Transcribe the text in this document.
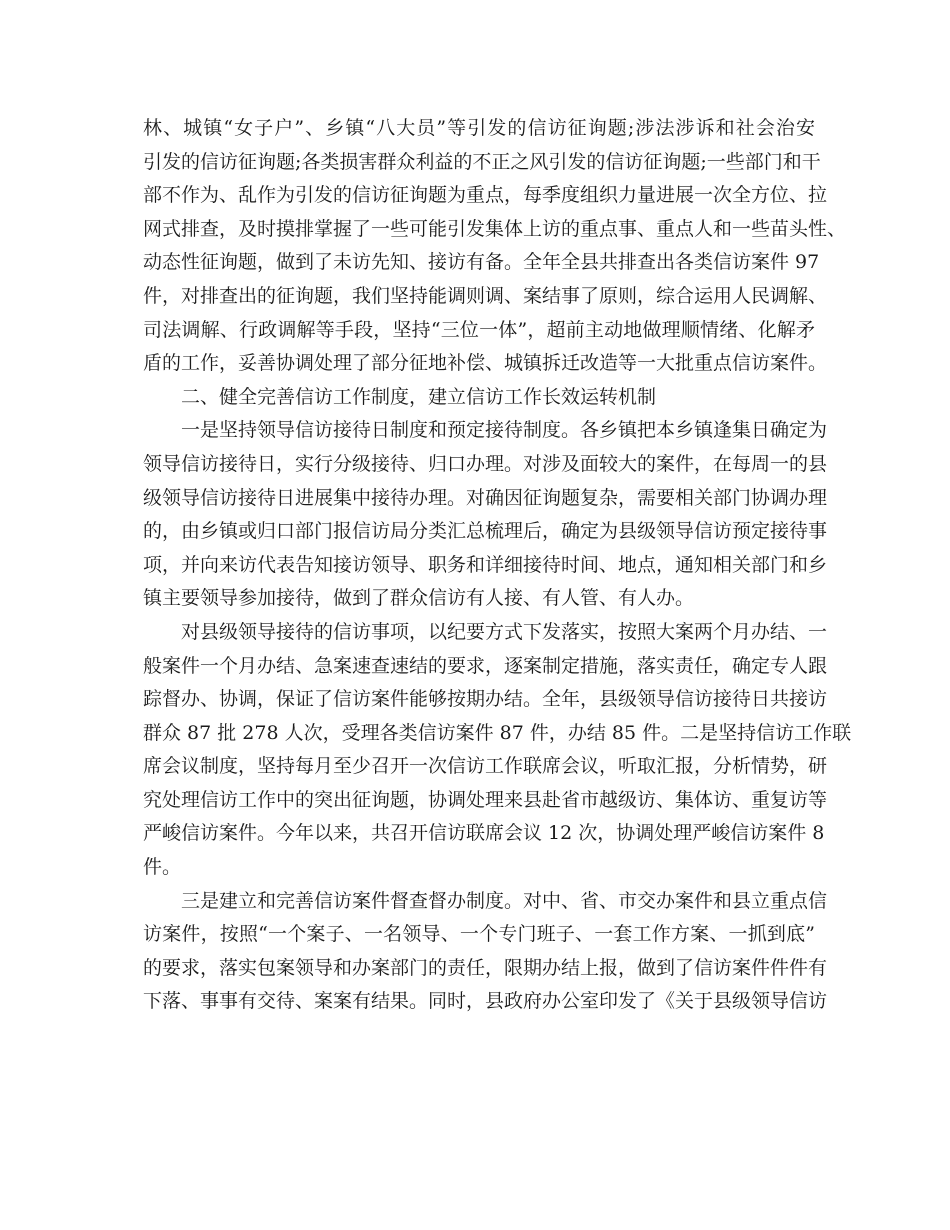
林、城镇“女子户”、乡镇“八大员”等引发的信访征询题;涉法涉诉和社会治安
引发的信访征询题;各类损害群众利益的不正之风引发的信访征询题;一些部门和干
部不作为、乱作为引发的信访征询题为重点，每季度组织力量进展一次全方位、拉
网式排查，及时摸排掌握了一些可能引发集体上访的重点事、重点人和一些苗头性、
动态性征询题，做到了未访先知、接访有备。全年全县共排查出各类信访案件 97
件，对排查出的征询题，我们坚持能调则调、案结事了原则，综合运用人民调解、
司法调解、行政调解等手段，坚持“三位一体”，超前主动地做理顺情绪、化解矛
盾的工作，妥善协调处理了部分征地补偿、城镇拆迁改造等一大批重点信访案件。
二、健全完善信访工作制度，建立信访工作长效运转机制
一是坚持领导信访接待日制度和预定接待制度。各乡镇把本乡镇逢集日确定为
领导信访接待日，实行分级接待、归口办理。对涉及面较大的案件，在每周一的县
级领导信访接待日进展集中接待办理。对确因征询题复杂，需要相关部门协调办理
的，由乡镇或归口部门报信访局分类汇总梳理后，确定为县级领导信访预定接待事
项，并向来访代表告知接访领导、职务和详细接待时间、地点，通知相关部门和乡
镇主要领导参加接待，做到了群众信访有人接、有人管、有人办。
对县级领导接待的信访事项，以纪要方式下发落实，按照大案两个月办结、一
般案件一个月办结、急案速查速结的要求，逐案制定措施，落实责任，确定专人跟
踪督办、协调，保证了信访案件能够按期办结。全年，县级领导信访接待日共接访
群众 87 批 278 人次，受理各类信访案件 87 件，办结 85 件。二是坚持信访工作联
席会议制度，坚持每月至少召开一次信访工作联席会议，听取汇报，分析情势，研
究处理信访工作中的突出征询题，协调处理来县赴省市越级访、集体访、重复访等
严峻信访案件。今年以来，共召开信访联席会议 12 次，协调处理严峻信访案件 8
件。
三是建立和完善信访案件督查督办制度。对中、省、市交办案件和县立重点信
访案件，按照“一个案子、一名领导、一个专门班子、一套工作方案、一抓到底”
的要求，落实包案领导和办案部门的责任，限期办结上报，做到了信访案件件件有
下落、事事有交待、案案有结果。同时，县政府办公室印发了《关于县级领导信访
